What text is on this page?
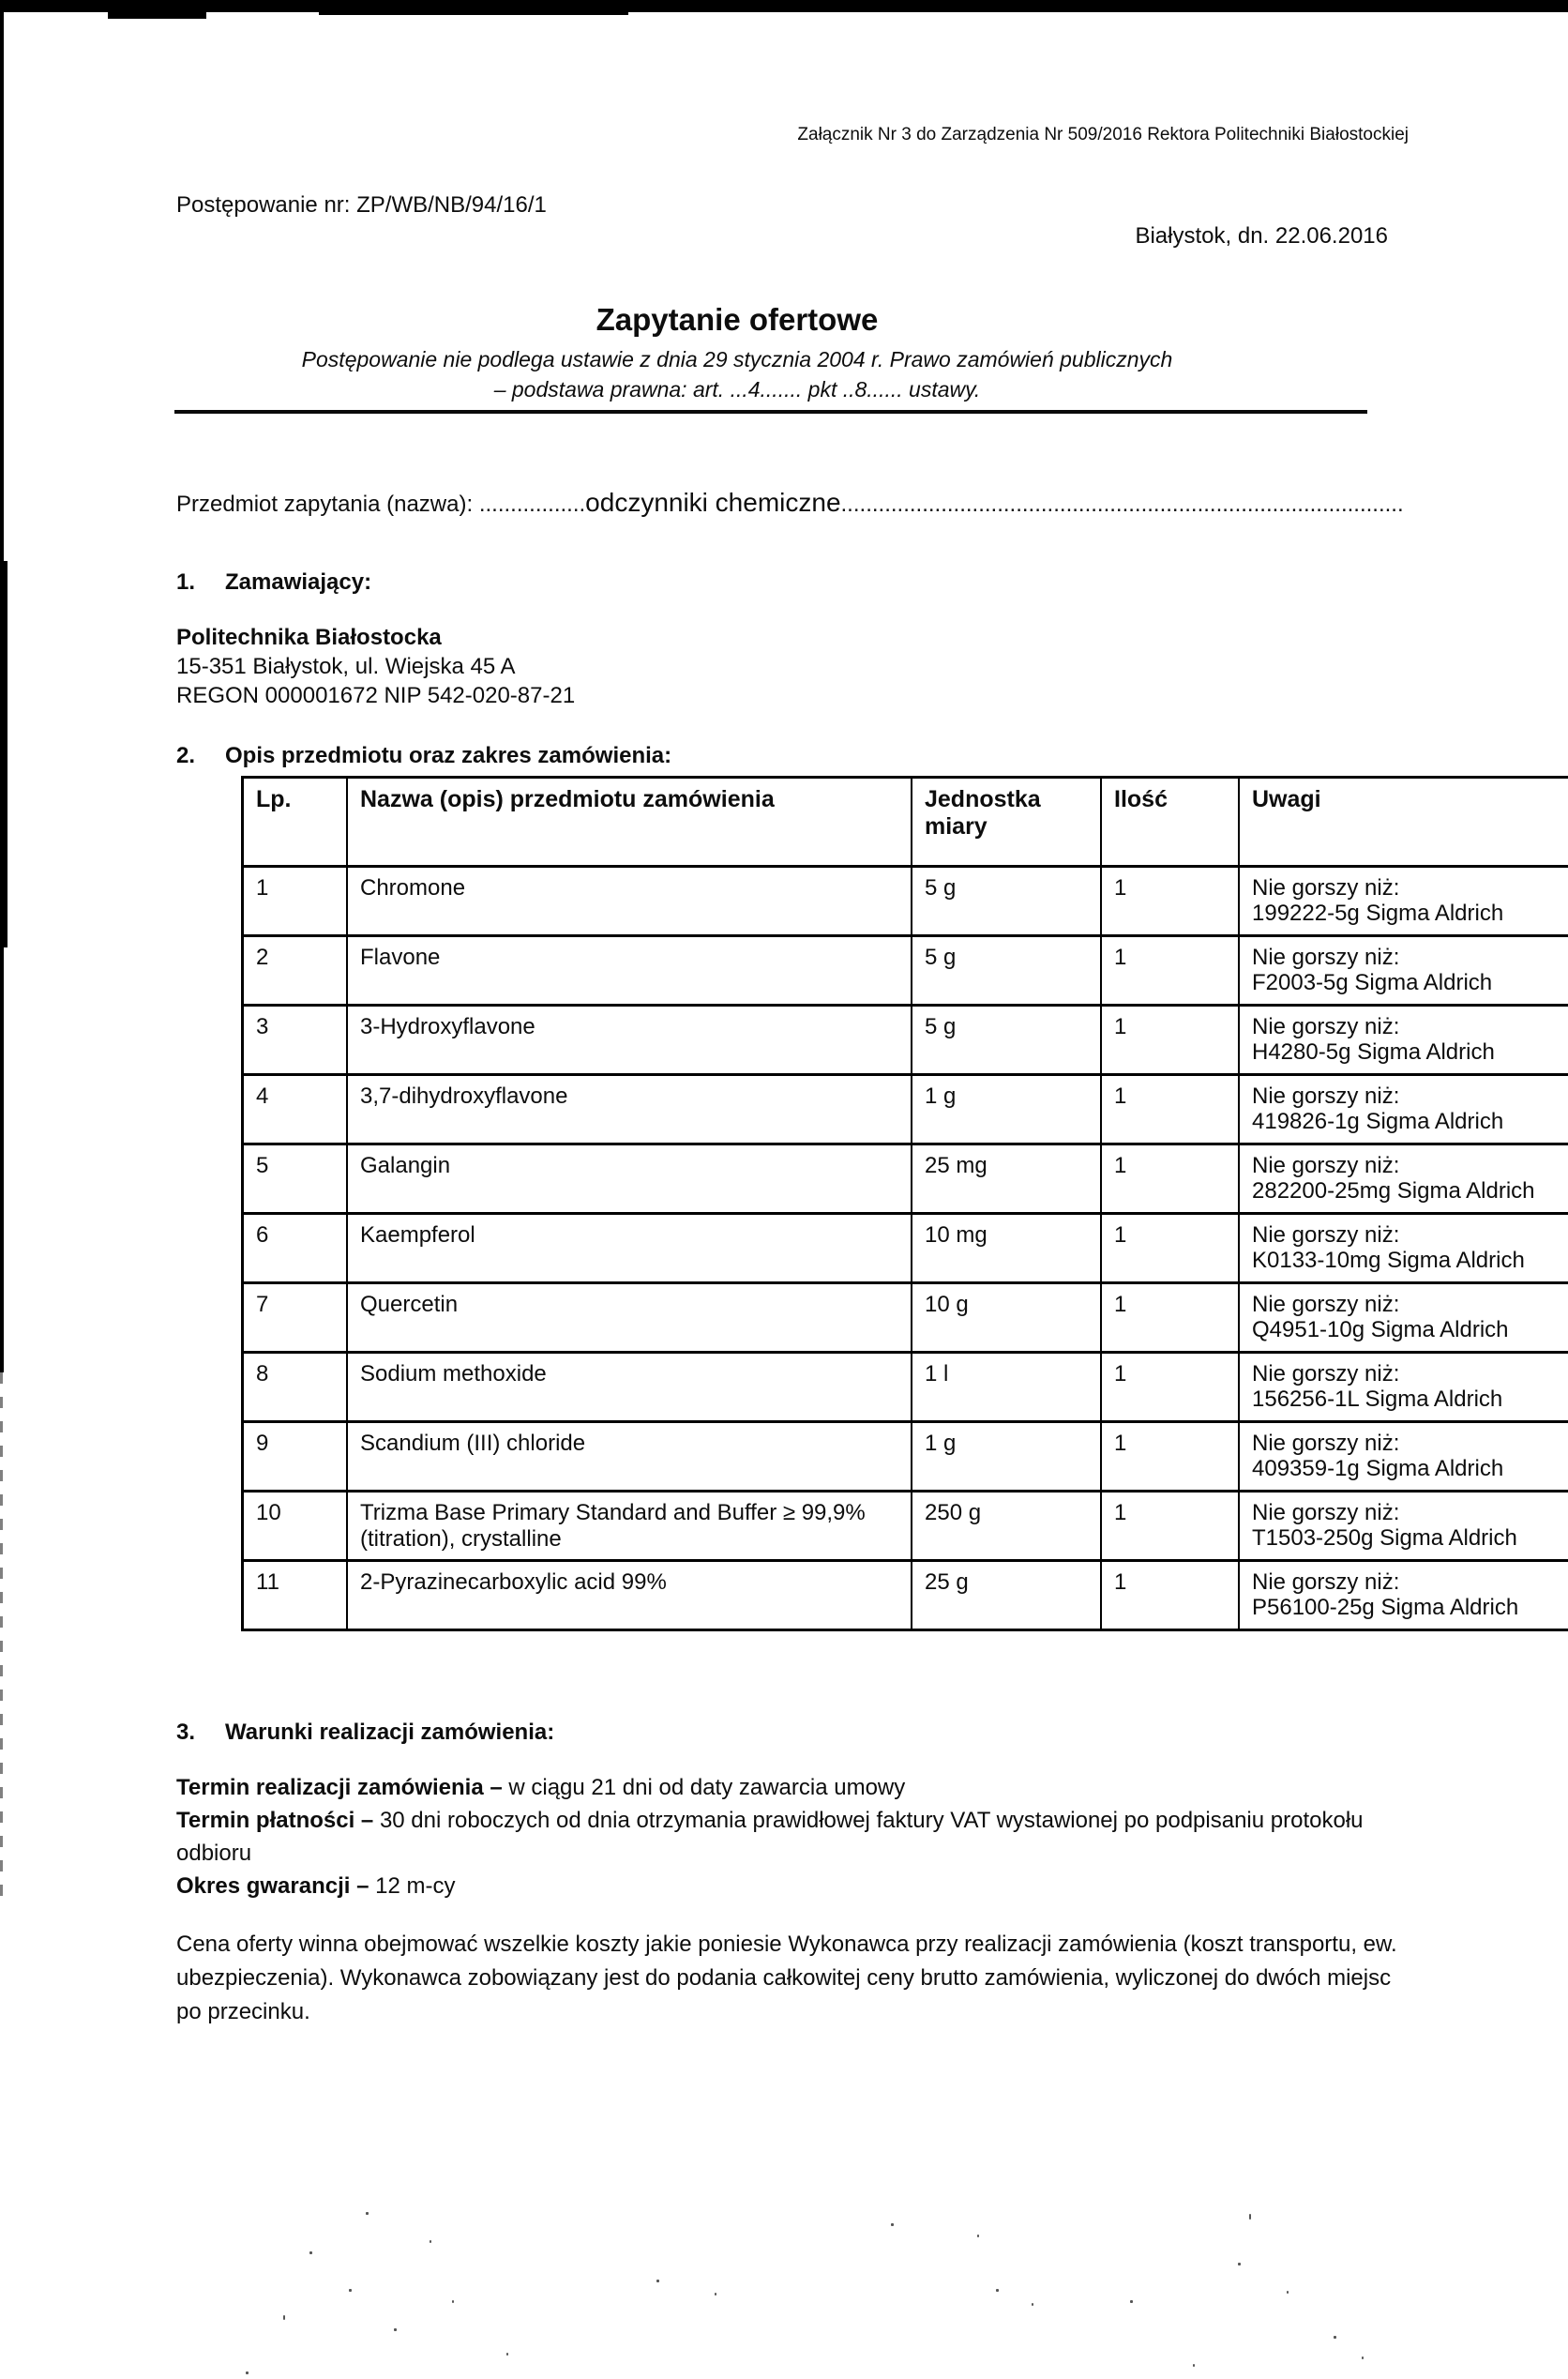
Załącznik Nr 3 do Zarządzenia Nr 509/2016 Rektora Politechniki Białostockiej
Postępowanie nr: ZP/WB/NB/94/16/1
Białystok, dn. 22.06.2016
Zapytanie ofertowe
Postępowanie nie podlega ustawie z dnia 29 stycznia 2004 r. Prawo zamówień publicznych
– podstawa prawna: art. ...4....... pkt ..8...... ustawy.
Przedmiot zapytania (nazwa): .................odczynniki chemiczne..........................................................................................
1. Zamawiający:
Politechnika Białostocka
15-351 Białystok, ul. Wiejska 45 A
REGON 000001672 NIP 542-020-87-21
2. Opis przedmiotu oraz zakres zamówienia:
Lp.	Nazwa (opis) przedmiotu zamówienia	Jednostka miary	Ilość	Uwagi
1	Chromone	5 g	1	Nie gorszy niż:
199222-5g Sigma Aldrich

2	Flavone	5 g	1	Nie gorszy niż:
F2003-5g Sigma Aldrich

3	3-Hydroxyflavone	5 g	1	Nie gorszy niż:
H4280-5g Sigma Aldrich

4	3,7-dihydroxyflavone	1 g	1	Nie gorszy niż:
419826-1g Sigma Aldrich

5	Galangin	25 mg	1	Nie gorszy niż:
282200-25mg Sigma Aldrich

6	Kaempferol	10 mg	1	Nie gorszy niż:
K0133-10mg Sigma Aldrich

7	Quercetin	10 g	1	Nie gorszy niż:
Q4951-10g Sigma Aldrich

8	Sodium methoxide	1 l	1	Nie gorszy niż:
156256-1L Sigma Aldrich

9	Scandium (III) chloride	1 g	1	Nie gorszy niż:
409359-1g Sigma Aldrich

10	Trizma Base Primary Standard and Buffer ≥ 99,9% (titration), crystalline	250 g	1	Nie gorszy niż:
T1503-250g Sigma Aldrich

11	2-Pyrazinecarboxylic acid 99%	25 g	1	Nie gorszy niż:
P56100-25g Sigma Aldrich
3. Warunki realizacji zamówienia:
Termin realizacji zamówienia – w ciągu 21 dni od daty zawarcia umowy
Termin płatności – 30 dni roboczych od dnia otrzymania prawidłowej faktury VAT wystawionej po podpisaniu protokołu odbioru
Okres gwarancji – 12 m-cy
Cena oferty winna obejmować wszelkie koszty jakie poniesie Wykonawca przy realizacji zamówienia (koszt transportu, ew. ubezpieczenia). Wykonawca zobowiązany jest do podania całkowitej ceny brutto zamówienia, wyliczonej do dwóch miejsc po przecinku.
